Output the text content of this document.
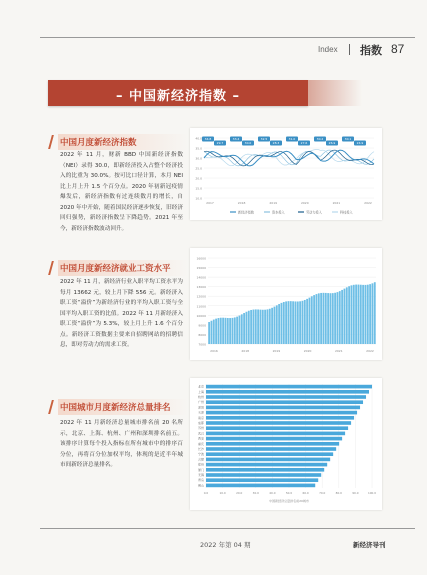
Index 指数 87
– 中国新经济指数 –
中国月度新经济指数
2022 年 11 月，财新 BBD 中国新经济指数（NEI）录得 30.0，即新经济投入占整个经济投入的比重为 30.0%。按可比口径计算，本月 NEI 比上月上升 1.5 个百分点。2020 年初新冠疫情爆发后，新经济指数有过连续数月的增长，自 2020 年中开始，随着国民经济逐步恢复，旧经济回归强势，新经济指数呈下降趋势。2021 年至今，新经济指数波动回升。
40.0
35.0
30.0
25.0
20.0
15.0
10.0
2017	2018	2019	2020	2021	2022
34.8	33.4	32.5	31.0	30.2	30.1
29.7	30.0	28.3	27.6	26.9	24.9
新经济指数	资本投入	劳动力投入	科技投入
中国月度新经济就业工资水平
2022 年 11 月，新经济行业入职平均工资水平为每月 13662 元，较上月下降 556 元。新经济入职工资“溢价”为新经济行业的平均入职工资与全国平均入职工资的比值。2022 年 11 月新经济入职工资“溢价”为 5.3%，较上月上升 1.6 个百分点。新经济工资数据主要来自招聘网站的招聘信息，即对劳动力的需求工资。
16000
15000
14000
13000
12000
11000
10000
9000
8000
7000
2016	2018	2019	2020	2021	2022
中国城市月度新经济总量排名
2022 年 11 月新经济总量城市排名前 20 名所示，北京、上海、杭州、广州和深圳排名前五。该排序计算每个投入指标在所有城市中的排序百分位，再将百分位加权平均，体现的是近半年城市间新经济总量排名。
0.0	10.0	20.0	30.0	40.0	50.0	60.0	70.0	80.0	90.0	100.0
北京
上海
杭州
广州
深圳
天津
南京
成都
苏州
武汉
西安
重庆
长沙
宁波
合肥
郑州
厦门
无锡
青岛
佛山
中国新经济总量排名前20城市
2022 年第 04 期	新经济导刊
